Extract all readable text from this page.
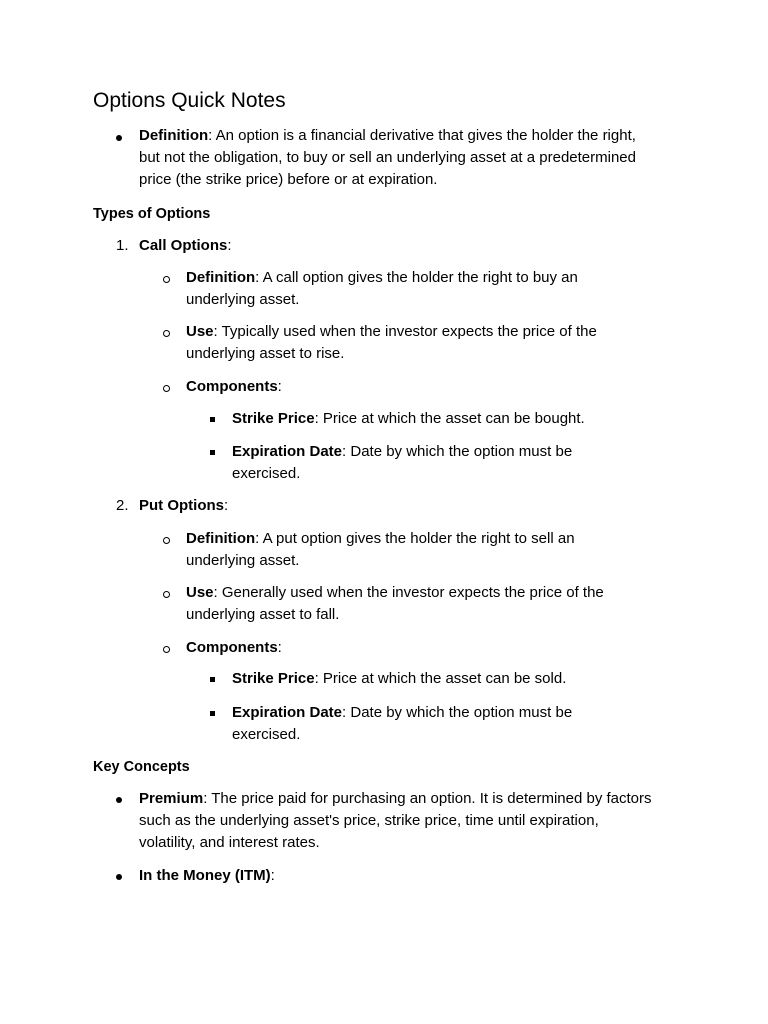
Options Quick Notes
Definition: An option is a financial derivative that gives the holder the right, but not the obligation, to buy or sell an underlying asset at a predetermined price (the strike price) before or at expiration.
Types of Options
1. Call Options:
Definition: A call option gives the holder the right to buy an underlying asset.
Use: Typically used when the investor expects the price of the underlying asset to rise.
Components:
Strike Price: Price at which the asset can be bought.
Expiration Date: Date by which the option must be exercised.
2. Put Options:
Definition: A put option gives the holder the right to sell an underlying asset.
Use: Generally used when the investor expects the price of the underlying asset to fall.
Components:
Strike Price: Price at which the asset can be sold.
Expiration Date: Date by which the option must be exercised.
Key Concepts
Premium: The price paid for purchasing an option. It is determined by factors such as the underlying asset's price, strike price, time until expiration, volatility, and interest rates.
In the Money (ITM):
